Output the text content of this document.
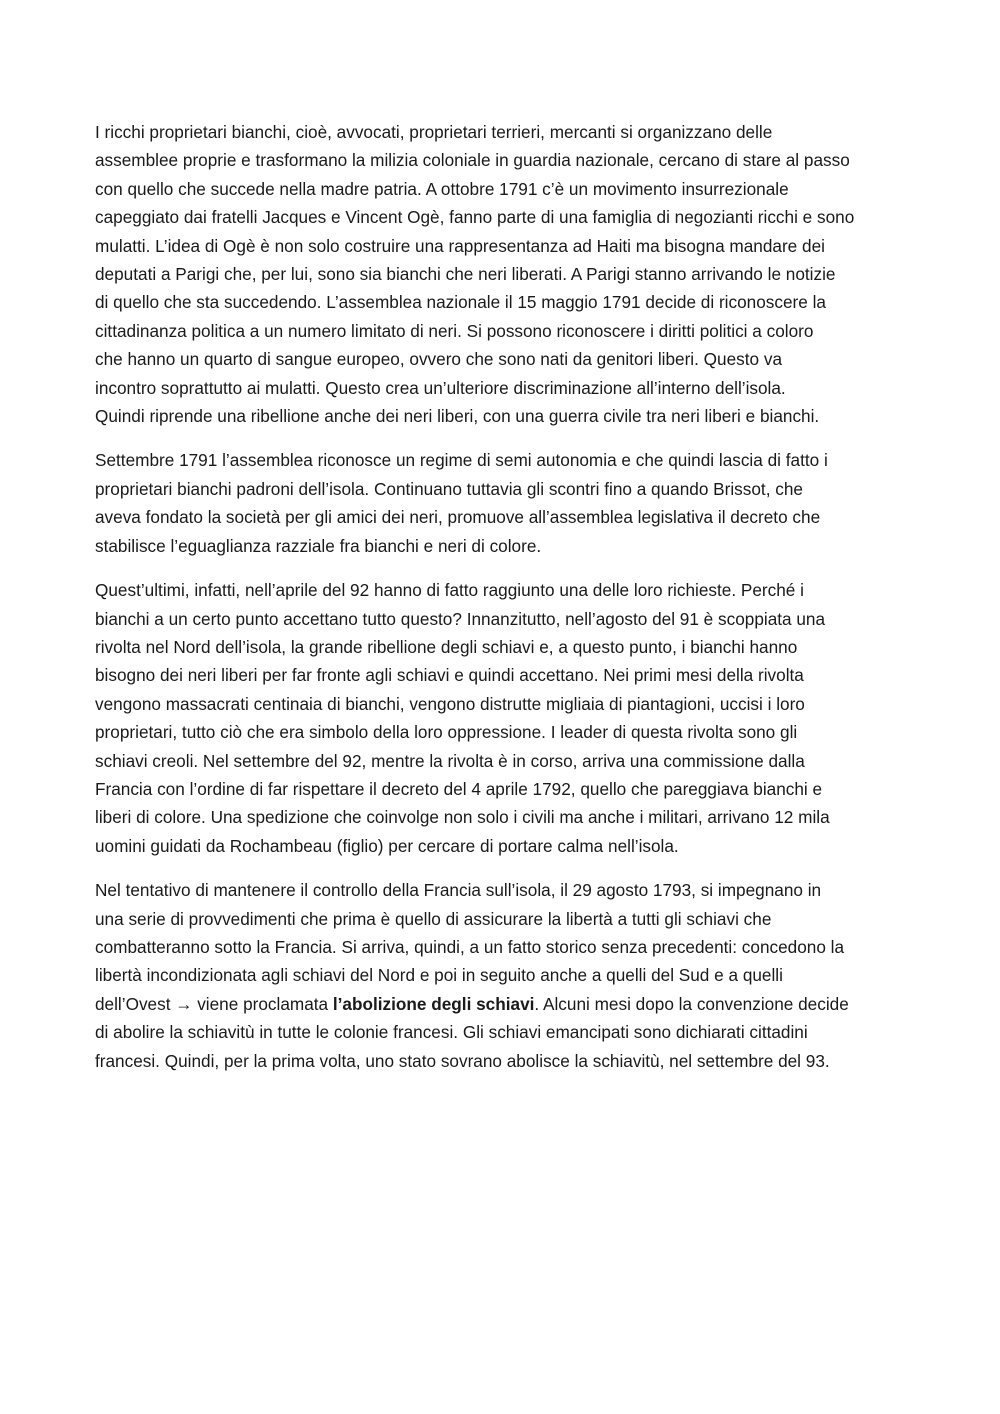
I ricchi proprietari bianchi, cioè, avvocati, proprietari terrieri, mercanti si organizzano delle
assemblee proprie e trasformano la milizia coloniale in guardia nazionale, cercano di stare al passo
con quello che succede nella madre patria. A ottobre 1791 c’è un movimento insurrezionale
capeggiato dai fratelli Jacques e Vincent Ogè, fanno parte di una famiglia di negozianti ricchi e sono
mulatti. L’idea di Ogè è non solo costruire una rappresentanza ad Haiti ma bisogna mandare dei
deputati a Parigi che, per lui, sono sia bianchi che neri liberati. A Parigi stanno arrivando le notizie
di quello che sta succedendo. L’assemblea nazionale il 15 maggio 1791 decide di riconoscere la
cittadinanza politica a un numero limitato di neri. Si possono riconoscere i diritti politici a coloro
che hanno un quarto di sangue europeo, ovvero che sono nati da genitori liberi. Questo va
incontro soprattutto ai mulatti. Questo crea un’ulteriore discriminazione all’interno dell’isola.
Quindi riprende una ribellione anche dei neri liberi, con una guerra civile tra neri liberi e bianchi.

Settembre 1791 l’assemblea riconosce un regime di semi autonomia e che quindi lascia di fatto i
proprietari bianchi padroni dell’isola. Continuano tuttavia gli scontri fino a quando Brissot, che
aveva fondato la società per gli amici dei neri, promuove all’assemblea legislativa il decreto che
stabilisce l’eguaglianza razziale fra bianchi e neri di colore.

Quest’ultimi, infatti, nell’aprile del 92 hanno di fatto raggiunto una delle loro richieste. Perché i
bianchi a un certo punto accettano tutto questo? Innanzitutto, nell’agosto del 91 è scoppiata una
rivolta nel Nord dell’isola, la grande ribellione degli schiavi e, a questo punto, i bianchi hanno
bisogno dei neri liberi per far fronte agli schiavi e quindi accettano. Nei primi mesi della rivolta
vengono massacrati centinaia di bianchi, vengono distrutte migliaia di piantagioni, uccisi i loro
proprietari, tutto ciò che era simbolo della loro oppressione. I leader di questa rivolta sono gli
schiavi creoli. Nel settembre del 92, mentre la rivolta è in corso, arriva una commissione dalla
Francia con l’ordine di far rispettare il decreto del 4 aprile 1792, quello che pareggiava bianchi e
liberi di colore. Una spedizione che coinvolge non solo i civili ma anche i militari, arrivano 12 mila
uomini guidati da Rochambeau (figlio) per cercare di portare calma nell’isola.

Nel tentativo di mantenere il controllo della Francia sull’isola, il 29 agosto 1793, si impegnano in
una serie di provvedimenti che prima è quello di assicurare la libertà a tutti gli schiavi che
combatteranno sotto la Francia. Si arriva, quindi, a un fatto storico senza precedenti: concedono la
libertà incondizionata agli schiavi del Nord e poi in seguito anche a quelli del Sud e a quelli
dell’Ovest → viene proclamata l’abolizione degli schiavi. Alcuni mesi dopo la convenzione decide
di abolire la schiavitù in tutte le colonie francesi. Gli schiavi emancipati sono dichiarati cittadini
francesi. Quindi, per la prima volta, uno stato sovrano abolisce la schiavitù, nel settembre del 93.
